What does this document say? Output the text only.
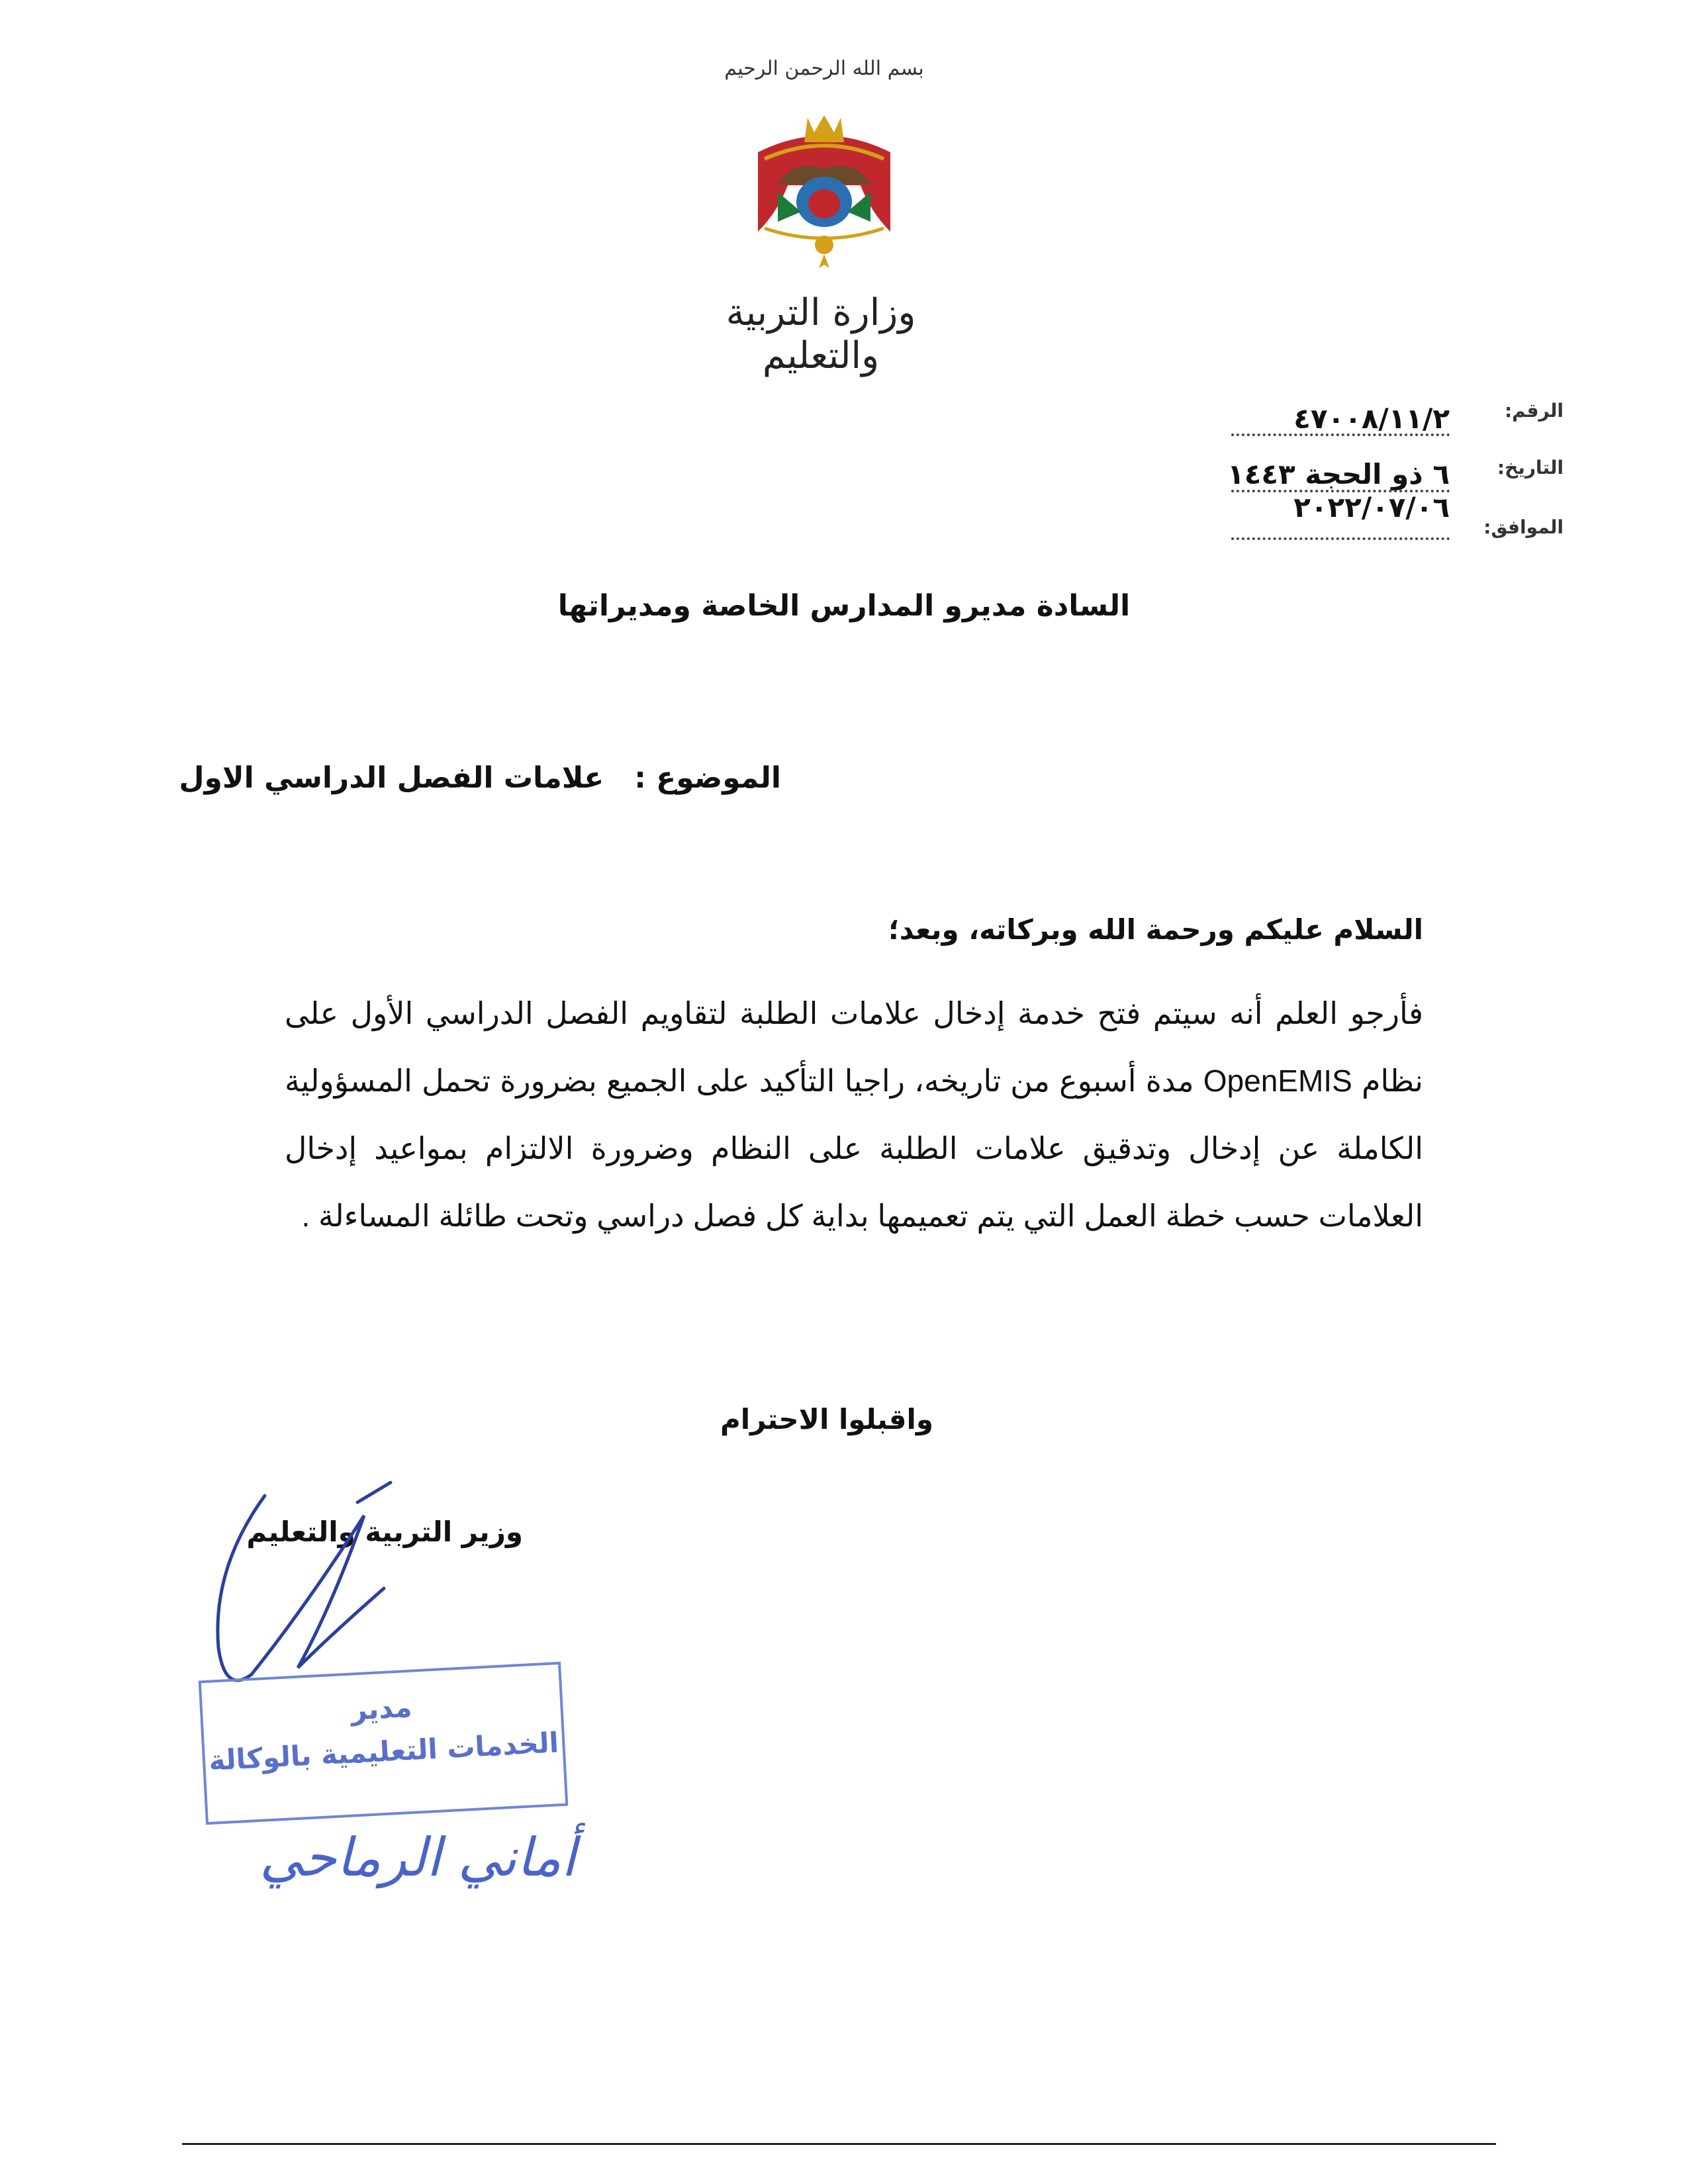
بسم الله الرحمن الرحيم
وزارة التربية والتعليم
الرقم:
٤٧٠٠٨/١١/٢
التاريخ:
٦ ذو الحجة ١٤٤٣
الموافق:
٢٠٢٢/٠٧/٠٦
السادة مديرو المدارس الخاصة ومديراتها
الموضوع :   علامات الفصل الدراسي الاول
السلام عليكم ورحمة الله وبركاته، وبعد؛
فأرجو العلم أنه سيتم فتح خدمة إدخال علامات الطلبة لتقاويم الفصل الدراسي الأول على نظام OpenEMIS مدة أسبوع من تاريخه، راجيا التأكيد على الجميع بضرورة تحمل المسؤولية الكاملة عن إدخال وتدقيق علامات الطلبة على النظام وضرورة الالتزام بمواعيد إدخال العلامات حسب خطة العمل التي يتم تعميمها بداية كل فصل دراسي وتحت طائلة المساءلة .
واقبلوا الاحترام
وزير التربية والتعليم
مدير
الخدمات التعليمية بالوكالة
أماني الرماحي
